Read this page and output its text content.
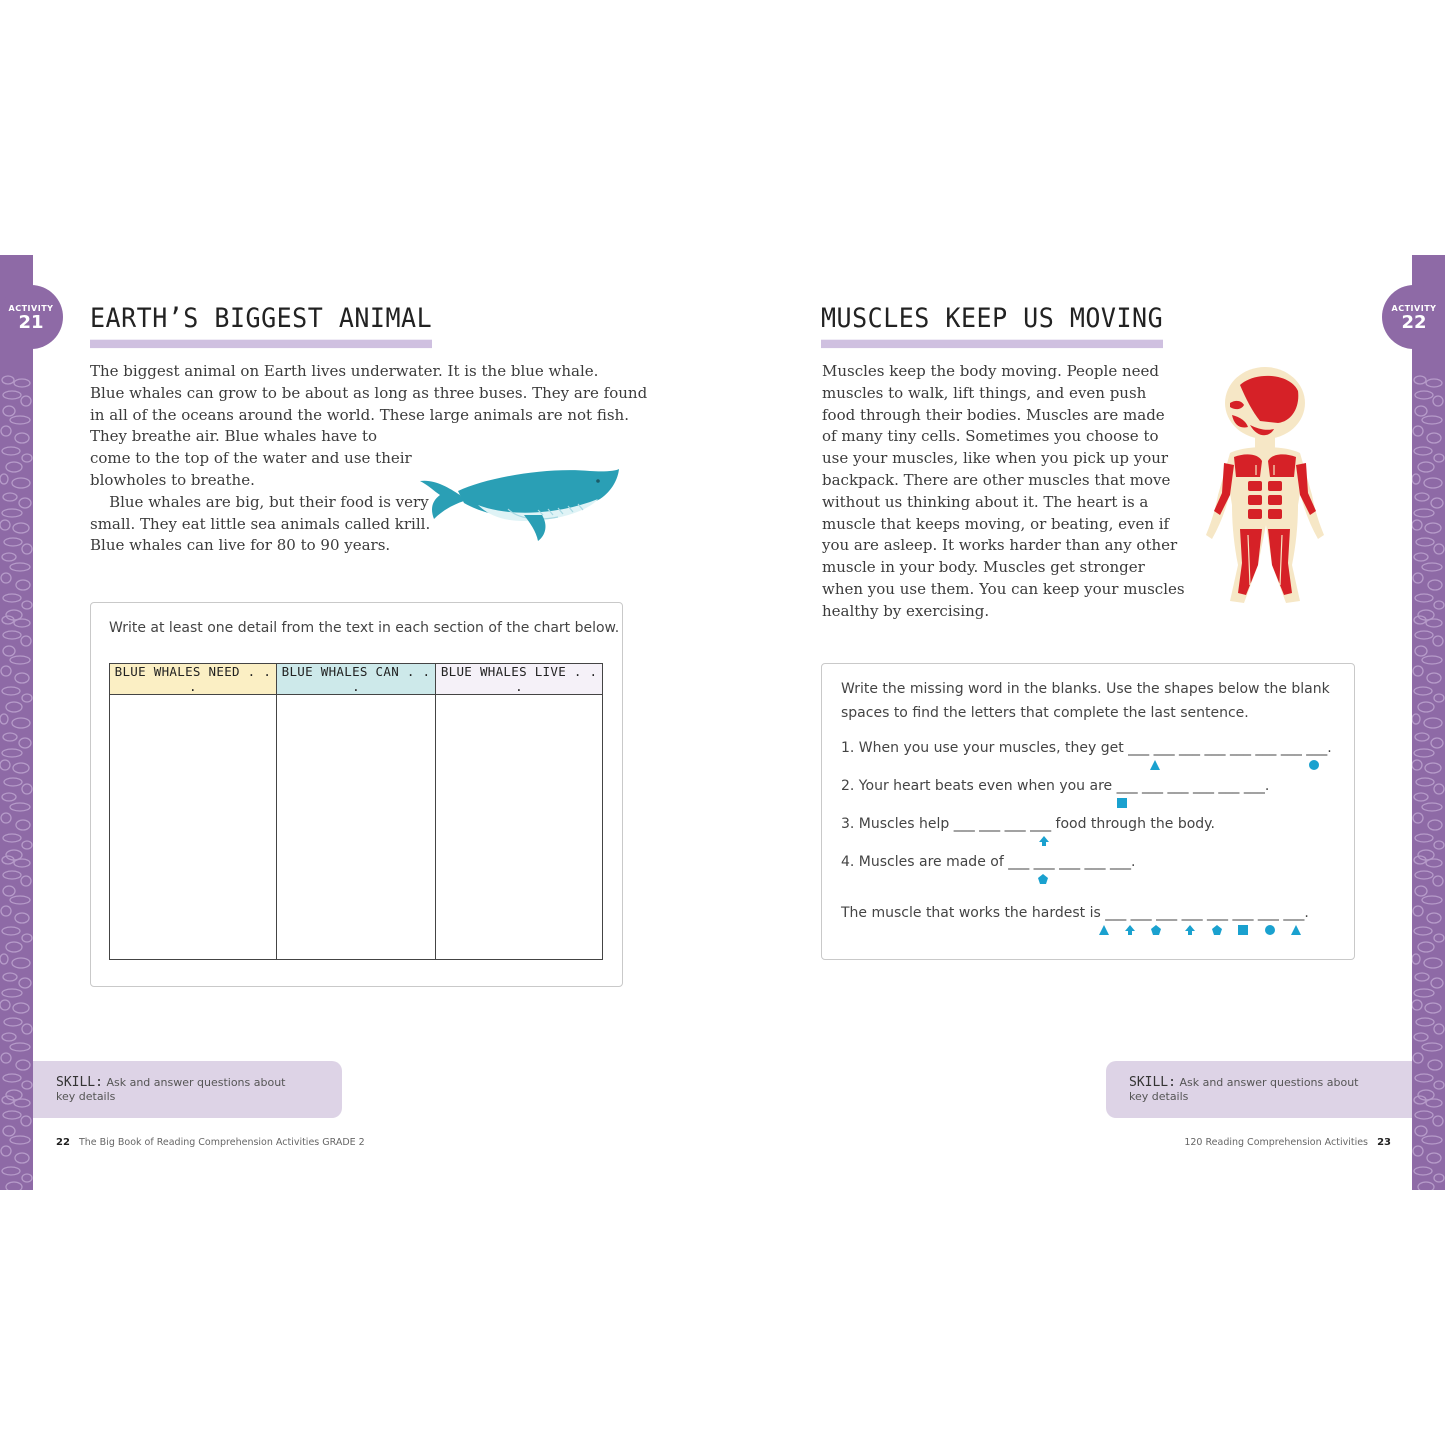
ACTIVITY
21	EARTH’S BIGGEST ANIMAL

The biggest animal on Earth lives underwater. It is the blue whale.

Blue whales can grow to be about as long as three buses. They are found

in all of the oceans around the world. These large animals are not fish.

They breathe air. Blue whales have to

come to the top of the water and use their

blowholes to breathe.

Blue whales are big, but their food is very

small. They eat little sea animals called krill.

Blue whales can live for 80 to 90 years.

Write at least one detail from the text in each section of the chart below.
BLUE WHALES NEED . . .	BLUE WHALES CAN . . .	BLUE WHALES LIVE . . .

SKILL: Ask and answer questions about key details
22 The Big Book of Reading Comprehension Activities GRADE 2
ACTIVITY
22
MUSCLES KEEP US MOVING

Muscles keep the body moving. People need

muscles to walk, lift things, and even push

food through their bodies. Muscles are made

of many tiny cells. Sometimes you choose to

use your muscles, like when you pick up your

backpack. There are other muscles that move

without us thinking about it. The heart is a

muscle that keeps moving, or beating, even if

you are asleep. It works harder than any other

muscle in your body. Muscles get stronger

when you use them. You can keep your muscles

healthy by exercising.

Write the missing word in the blanks. Use the shapes below the blank spaces to find the letters that complete the last sentence.
1. When you use your muscles, they get ___ ___ ___ ___ ___ ___ ___ ___.
2. Your heart beats even when you are ___ ___ ___ ___ ___ ___.
3. Muscles help ___ ___ ___ ___ food through the body.
4. Muscles are made of ___ ___ ___ ___ ___.
The muscle that works the hardest is ___ ___ ___ ___ ___ ___ ___ ___.
SKILL: Ask and answer questions about key details
120 Reading Comprehension Activities 23
